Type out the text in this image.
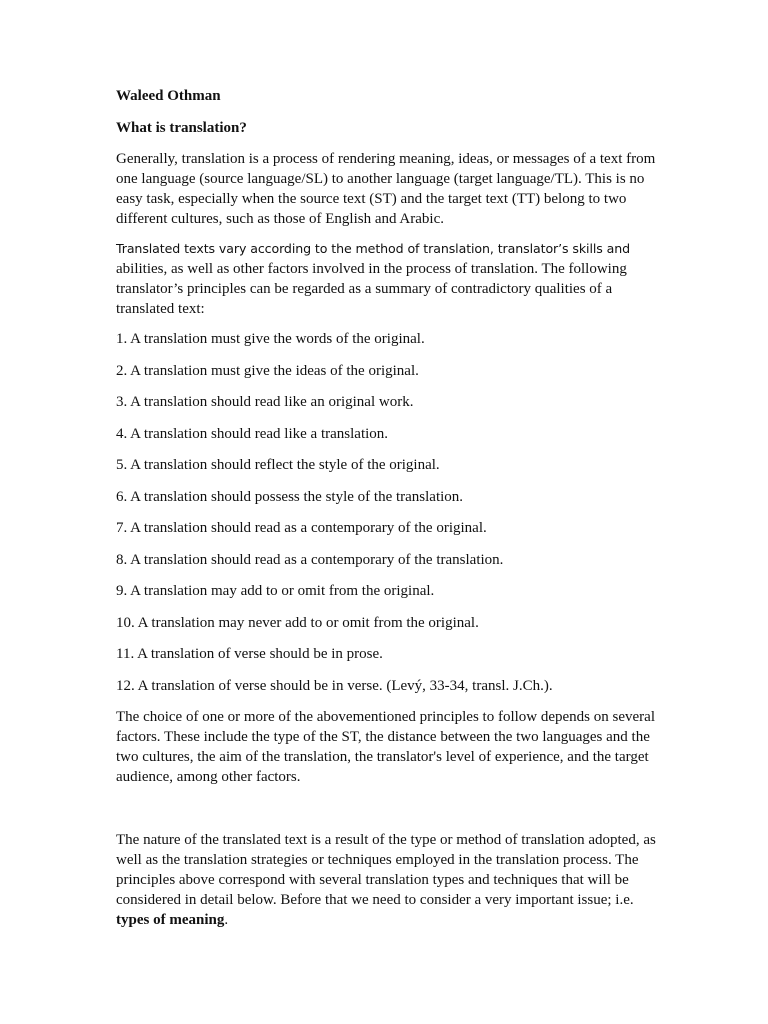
Waleed Othman
What is translation?

Generally, translation is a process of rendering meaning, ideas, or messages of a text from one language (source language/SL) to another language (target language/TL). This is no easy task, especially when the source text (ST) and the target text (TT) belong to two different cultures, such as those of English and Arabic.

Translated texts vary according to the method of translation, translator’s skills and abilities, as well as other factors involved in the process of translation. The following translator’s principles can be regarded as a summary of contradictory qualities of a translated text:

1. A translation must give the words of the original.
2. A translation must give the ideas of the original.
3. A translation should read like an original work.
4. A translation should read like a translation.
5. A translation should reflect the style of the original.
6. A translation should possess the style of the translation.
7. A translation should read as a contemporary of the original.
8. A translation should read as a contemporary of the translation.
9. A translation may add to or omit from the original.
10. A translation may never add to or omit from the original.
11. A translation of verse should be in prose.
12. A translation of verse should be in verse. (Levý, 33-34, transl. J.Ch.).

The choice of one or more of the abovementioned principles to follow depends on several factors. These include the type of the ST, the distance between the two languages and the two cultures, the aim of the translation, the translator's level of experience, and the target audience, among other factors.

The nature of the translated text is a result of the type or method of translation adopted, as well as the translation strategies or techniques employed in the translation process. The principles above correspond with several translation types and techniques that will be considered in detail below. Before that we need to consider a very important issue; i.e. types of meaning.
